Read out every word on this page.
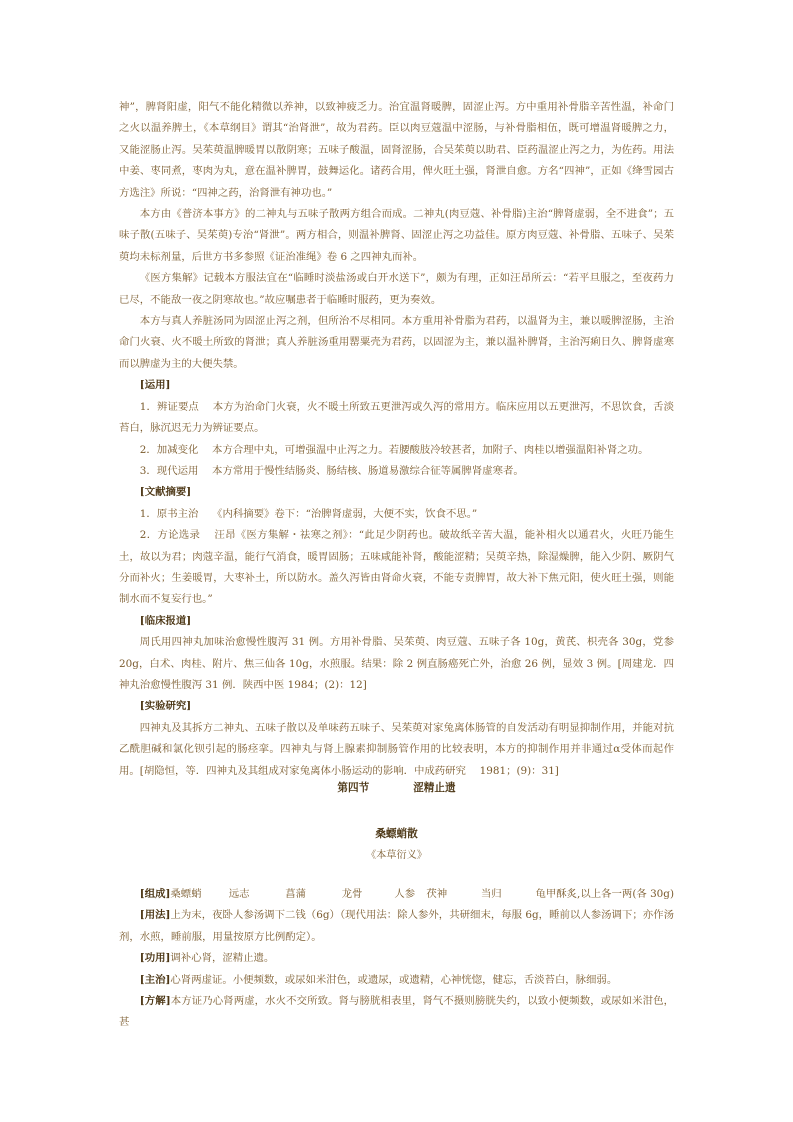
神”，脾肾阳虚，阳气不能化精微以养神，以致神疲乏力。治宜温肾暖脾，固涩止泻。方中重用补骨脂辛苦性温，补命门之火以温养脾土，《本草纲目》谓其“治肾泄”，故为君药。臣以肉豆蔻温中涩肠，与补骨脂相伍，既可增温肾暖脾之力，又能涩肠止泻。吴茱萸温脾暖胃以散阴寒；五味子酸温，固肾涩肠，合吴茱萸以助君、臣药温涩止泻之力，为佐药。用法中姜、枣同煮，枣肉为丸，意在温补脾胃，鼓舞运化。诸药合用，俾火旺土强，肾泄自愈。方名“四神”，正如《绛雪园古方选注》所说：“四神之药，治肾泄有神功也。”

本方由《普济本事方》的二神丸与五味子散两方组合而成。二神丸(肉豆蔻、补骨脂)主治“脾肾虚弱，全不进食”；五味子散(五味子、吴茱萸)专治“肾泄”。两方相合，则温补脾肾、固涩止泻之功益佳。原方肉豆蔻、补骨脂、五味子、吴茱萸均未标剂量，后世方书多参照《证治准绳》卷 6 之四神丸而补。

《医方集解》记载本方服法宜在“临睡时淡盐汤或白开水送下”，颇为有理，正如汪昂所云：“若平旦服之，至夜药力已尽，不能敌一夜之阴寒故也。”故应嘱患者于临睡时服药，更为奏效。

本方与真人养脏汤同为固涩止泻之剂，但所治不尽相同。本方重用补骨脂为君药，以温肾为主，兼以暖脾涩肠，主治命门火衰、火不暖土所致的肾泄；真人养脏汤重用罂粟壳为君药，以固涩为主，兼以温补脾肾，主治泻痢日久、脾肾虚寒而以脾虚为主的大便失禁。

[运用]

1．辨证要点　 本方为治命门火衰，火不暖土所致五更泄泻或久泻的常用方。临床应用以五更泄泻，不思饮食，舌淡苔白，脉沉迟无力为辨证要点。

2．加减变化　 本方合理中丸，可增强温中止泻之力。若腰酸肢冷较甚者，加附子、肉桂以增强温阳补肾之功。

3．现代运用　 本方常用于慢性结肠炎、肠结核、肠道易激综合征等属脾肾虚寒者。

[文献摘要]

1．原书主治　 《内科摘要》卷下：“治脾肾虚弱，大便不实，饮食不思。”

2．方论选录　 汪昂《医方集解・祛寒之剂》：“此足少阴药也。破故纸辛苦大温，能补相火以通君火，火旺乃能生土，故以为君；肉蔻辛温，能行气消食，暖胃固肠；五味咸能补肾，酸能涩精；吴萸辛热，除湿燥脾，能入少阴、厥阴气分而补火；生姜暖胃，大枣补土，所以防水。盖久泻皆由肾命火衰，不能专责脾胃，故大补下焦元阳，使火旺土强，则能制水而不复妄行也。”

[临床报道]

周氏用四神丸加味治愈慢性腹泻 31 例。方用补骨脂、吴茱萸、肉豆蔻、五味子各 10g，黄芪、枳壳各 30g，党参 20g，白术、肉桂、附片、焦三仙各 10g，水煎服。结果：除 2 例直肠癌死亡外，治愈 26 例，显效 3 例。[周建龙．四神丸治愈慢性腹泻 31 例．陕西中医 1984；(2)：12]

[实验研究]

四神丸及其拆方二神丸、五味子散以及单味药五味子、吴茱萸对家兔离体肠管的自发活动有明显抑制作用，并能对抗乙酰胆碱和氯化钡引起的肠痉挛。四神丸与肾上腺素抑制肠管作用的比较表明，本方的抑制作用并非通过α受体而起作用。[胡隐恒，等．四神丸及其组成对家兔离体小肠运动的影响．中成药研究　 1981；(9)：31]

第四节	涩精止遗
桑螵蛸散
《本草衍义》
[组成] 桑螵蛸	远志	菖蒲	龙骨	人参	茯神	当归	龟甲酥炙,以上各一两(各 30g)

[用法]上为末，夜卧人参汤调下二钱（6g）（现代用法：除人参外，共研细末，每服 6g，睡前以人参汤调下；亦作汤剂，水煎，睡前服，用量按原方比例酌定）。

[功用]调补心肾，涩精止遗。

[主治]心肾两虚证。小便频数，或尿如米泔色，或遗尿，或遗精，心神恍惚，健忘，舌淡苔白，脉细弱。

[方解]本方证乃心肾两虚，水火不交所致。肾与膀胱相表里，肾气不摄则膀胱失约，以致小便频数，或尿如米泔色，甚
